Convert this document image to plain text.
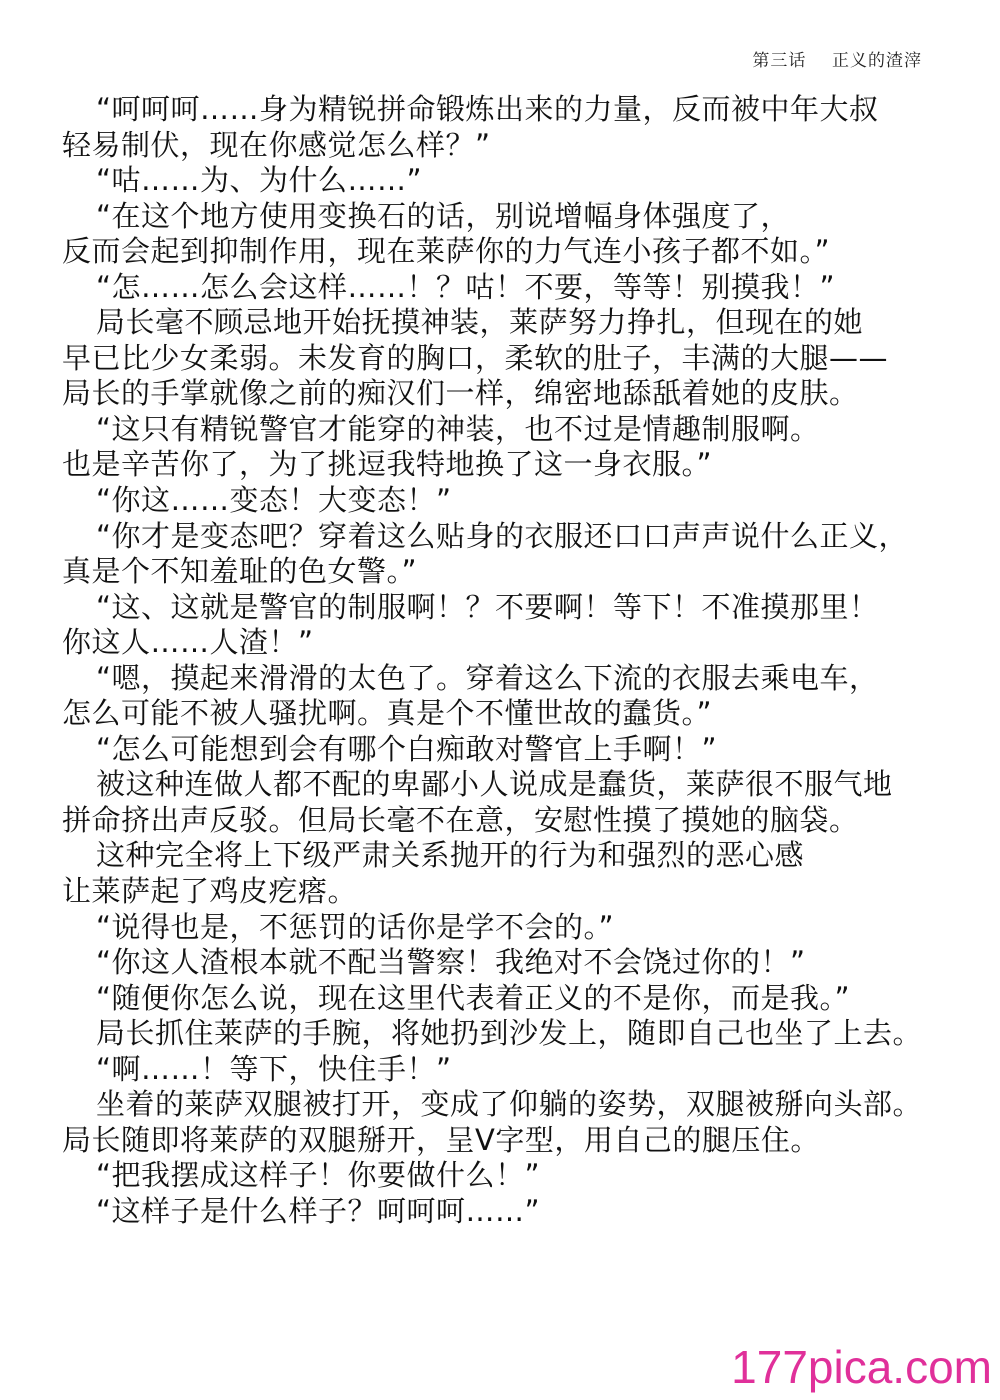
第三话 正义的渣滓
“呵呵呵……身为精锐拼命锻炼出来的力量，反而被中年大叔
轻易制伏，现在你感觉怎么样？”
“咕……为、为什么……”
“在这个地方使用变换石的话，别说增幅身体强度了，
反而会起到抑制作用，现在莱萨你的力气连小孩子都不如。”
“怎……怎么会这样……！？咕！不要，等等！别摸我！”
局长毫不顾忌地开始抚摸神装，莱萨努力挣扎，但现在的她
早已比少女柔弱。未发育的胸口，柔软的肚子，丰满的大腿——
局长的手掌就像之前的痴汉们一样，绵密地舔舐着她的皮肤。
“这只有精锐警官才能穿的神装，也不过是情趣制服啊。
也是辛苦你了，为了挑逗我特地换了这一身衣服。”
“你这……变态！大变态！”
“你才是变态吧？穿着这么贴身的衣服还口口声声说什么正义，
真是个不知羞耻的色女警。”
“这、这就是警官的制服啊！？不要啊！等下！不准摸那里！
你这人……人渣！”
“嗯，摸起来滑滑的太色了。穿着这么下流的衣服去乘电车，
怎么可能不被人骚扰啊。真是个不懂世故的蠢货。”
“怎么可能想到会有哪个白痴敢对警官上手啊！”
被这种连做人都不配的卑鄙小人说成是蠢货，莱萨很不服气地
拼命挤出声反驳。但局长毫不在意，安慰性摸了摸她的脑袋。
这种完全将上下级严肃关系抛开的行为和强烈的恶心感
让莱萨起了鸡皮疙瘩。
“说得也是，不惩罚的话你是学不会的。”
“你这人渣根本就不配当警察！我绝对不会饶过你的！”
“随便你怎么说，现在这里代表着正义的不是你，而是我。”
局长抓住莱萨的手腕，将她扔到沙发上，随即自己也坐了上去。
“啊……！等下，快住手！”
坐着的莱萨双腿被打开，变成了仰躺的姿势，双腿被掰向头部。
局长随即将莱萨的双腿掰开，呈V字型，用自己的腿压住。
“把我摆成这样子！你要做什么！”
“这样子是什么样子？呵呵呵……”
177pica.com
